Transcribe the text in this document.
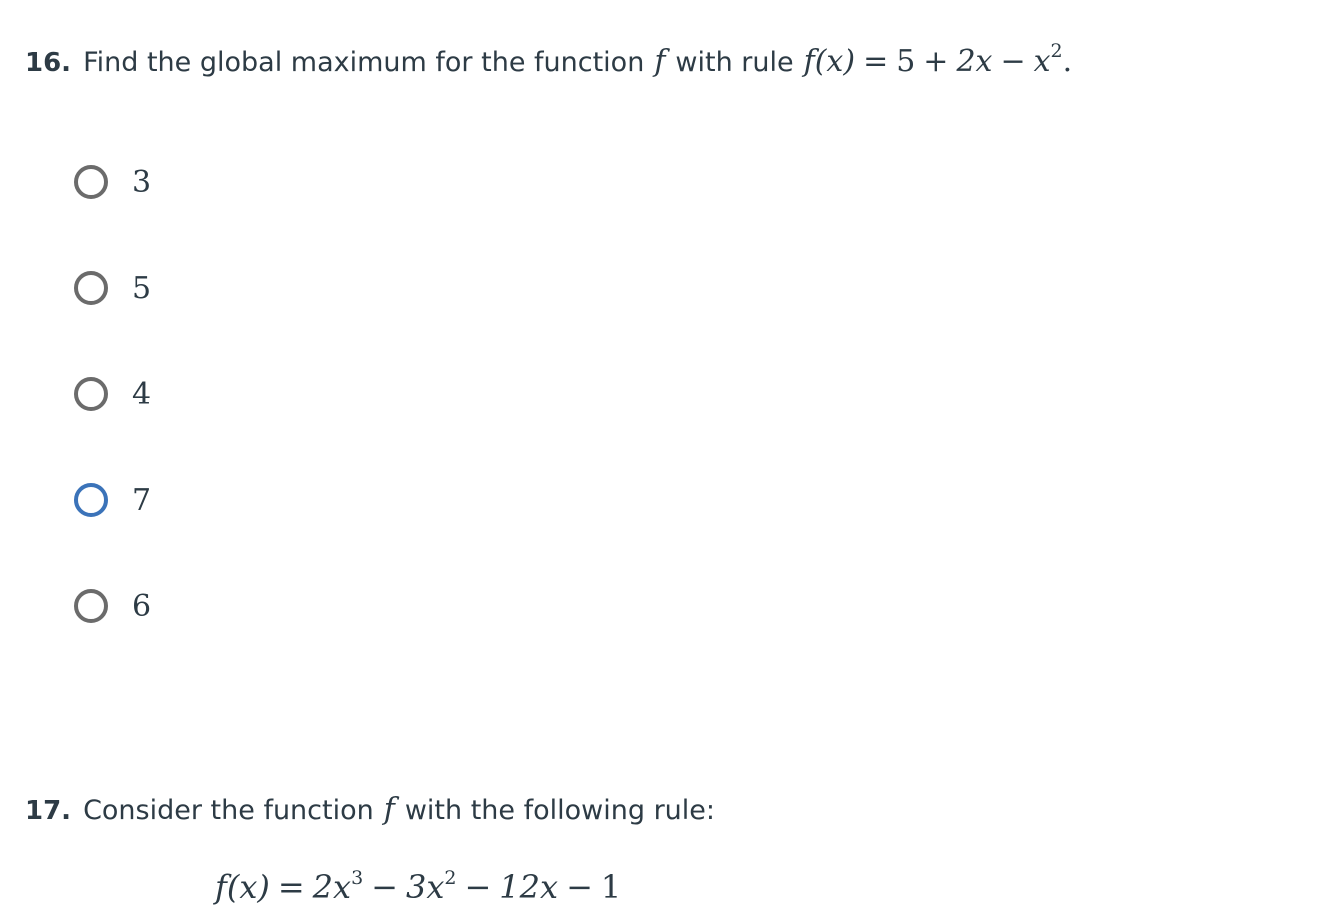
16. Find the global maximum for the function f with rule $f(x) = 5 + 2x - x^2$.
3
5
4
7
6
17. Consider the function f with the following rule:
$f(x) = 2x^3 - 3x^2 - 12x - 1$
